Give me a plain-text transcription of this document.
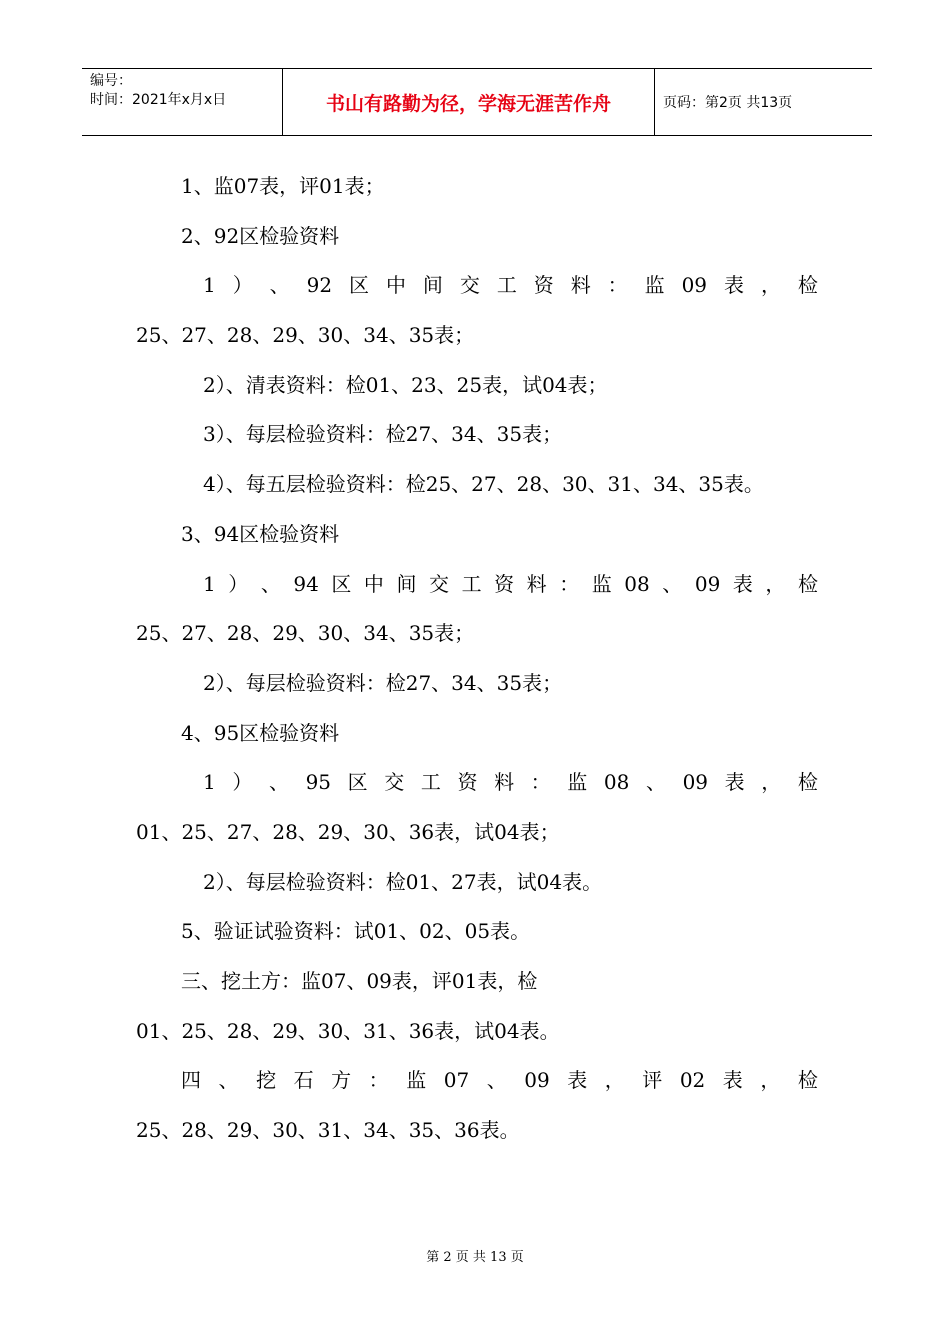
编号：
时间：2021年x月x日	书山有路勤为径，学海无涯苦作舟	页码：第2页 共13页
1、监07表，评01表；
2、92区检验资料
1 ） 、 92 区 中 间 交 工 资 料 ： 监 09 表 ， 检
25、27、28、29、30、34、35表；
2）、清表资料：检01、23、25表，试04表；
3）、每层检验资料：检27、34、35表；
4）、每五层检验资料：检25、27、28、30、31、34、35表。
3、94区检验资料
1 ） 、 94 区 中 间 交 工 资 料 ： 监 08 、 09 表 ， 检
25、27、28、29、30、34、35表；
2）、每层检验资料：检27、34、35表；
4、95区检验资料
1 ） 、 95 区 交 工 资 料 ： 监 08 、 09 表 ， 检
01、25、27、28、29、30、36表，试04表；
2）、每层检验资料：检01、27表，试04表。
5、验证试验资料：试01、02、05表。
三、挖土方：监07、09表，评01表，检
01、25、28、29、30、31、36表，试04表。
四 、 挖 石 方 ： 监 07 、 09 表 ， 评 02 表 ， 检
25、28、29、30、31、34、35、36表。
第 2 页 共 13 页
